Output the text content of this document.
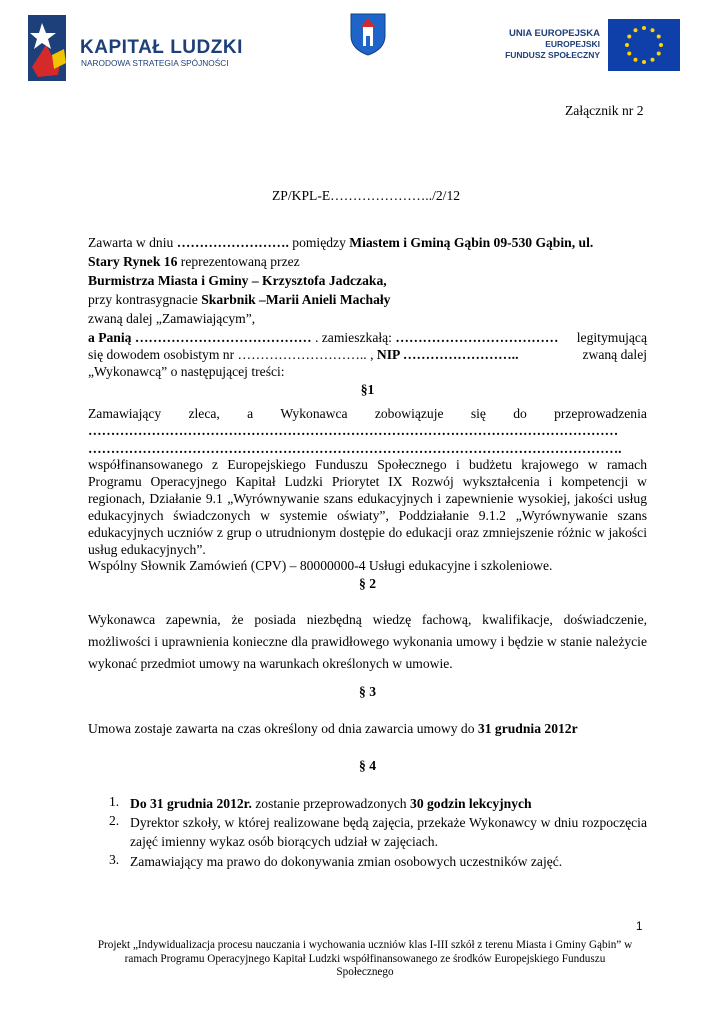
KAPITAŁ LUDZKI
NARODOWA STRATEGIA SPÓJNOŚCI
UNIA EUROPEJSKA
EUROPEJSKI
FUNDUSZ SPOŁECZNY
Załącznik nr 2
ZP/KPL-E…………………../2/12
Zawarta w dniu ……………………. pomiędzy Miastem i Gminą Gąbin 09-530 Gąbin, ul.
Stary Rynek 16 reprezentowaną przez
Burmistrza Miasta i Gminy – Krzysztofa Jadczaka,
przy kontrasygnacie Skarbnik –Marii Anieli Machały
zwaną dalej „Zamawiającym”,
a Panią ………………………………… . zamieszkałą: ……………………………… legitymującą
się dowodem osobistym nr ……………………….. , NIP ……………………..	zwaną dalej
„Wykonawcą” o następującej treści:
§1
Zamawiający zleca, a Wykonawca zobowiązuje się do przeprowadzenia
………………………………………………………………………………………………………
……………………………………………………………………………………………………….
współfinansowanego z Europejskiego Funduszu Społecznego i budżetu krajowego w ramach Programu Operacyjnego Kapitał Ludzki Priorytet IX Rozwój wykształcenia i kompetencji w regionach, Działanie 9.1 „Wyrównywanie szans edukacyjnych i zapewnienie wysokiej, jakości usług edukacyjnych świadczonych w systemie oświaty”, Poddziałanie 9.1.2 „Wyrównywanie szans edukacyjnych uczniów z grup o utrudnionym dostępie do edukacji oraz zmniejszenie różnic w jakości usług edukacyjnych”.
Wspólny Słownik Zamówień (CPV) – 80000000-4 Usługi edukacyjne i szkoleniowe.
§ 2
Wykonawca zapewnia, że posiada niezbędną wiedzę fachową, kwalifikacje, doświadczenie, możliwości i uprawnienia konieczne dla prawidłowego wykonania umowy i będzie w stanie należycie wykonać przedmiot umowy na warunkach określonych w umowie.
§ 3
Umowa zostaje zawarta na czas określony od dnia zawarcia umowy do 31 grudnia 2012r
§ 4
1. Do 31 grudnia 2012r. zostanie przeprowadzonych 30 godzin lekcyjnych
2. Dyrektor szkoły, w której realizowane będą zajęcia, przekaże Wykonawcy w dniu rozpoczęcia zajęć imienny wykaz osób biorących udział w zajęciach.
3. Zamawiający ma prawo do dokonywania zmian osobowych uczestników zajęć.
1
Projekt „Indywidualizacja procesu nauczania i wychowania uczniów klas I-III szkół z terenu Miasta i Gminy Gąbin” w ramach Programu Operacyjnego Kapitał Ludzki współfinansowanego ze środków Europejskiego Funduszu Społecznego
